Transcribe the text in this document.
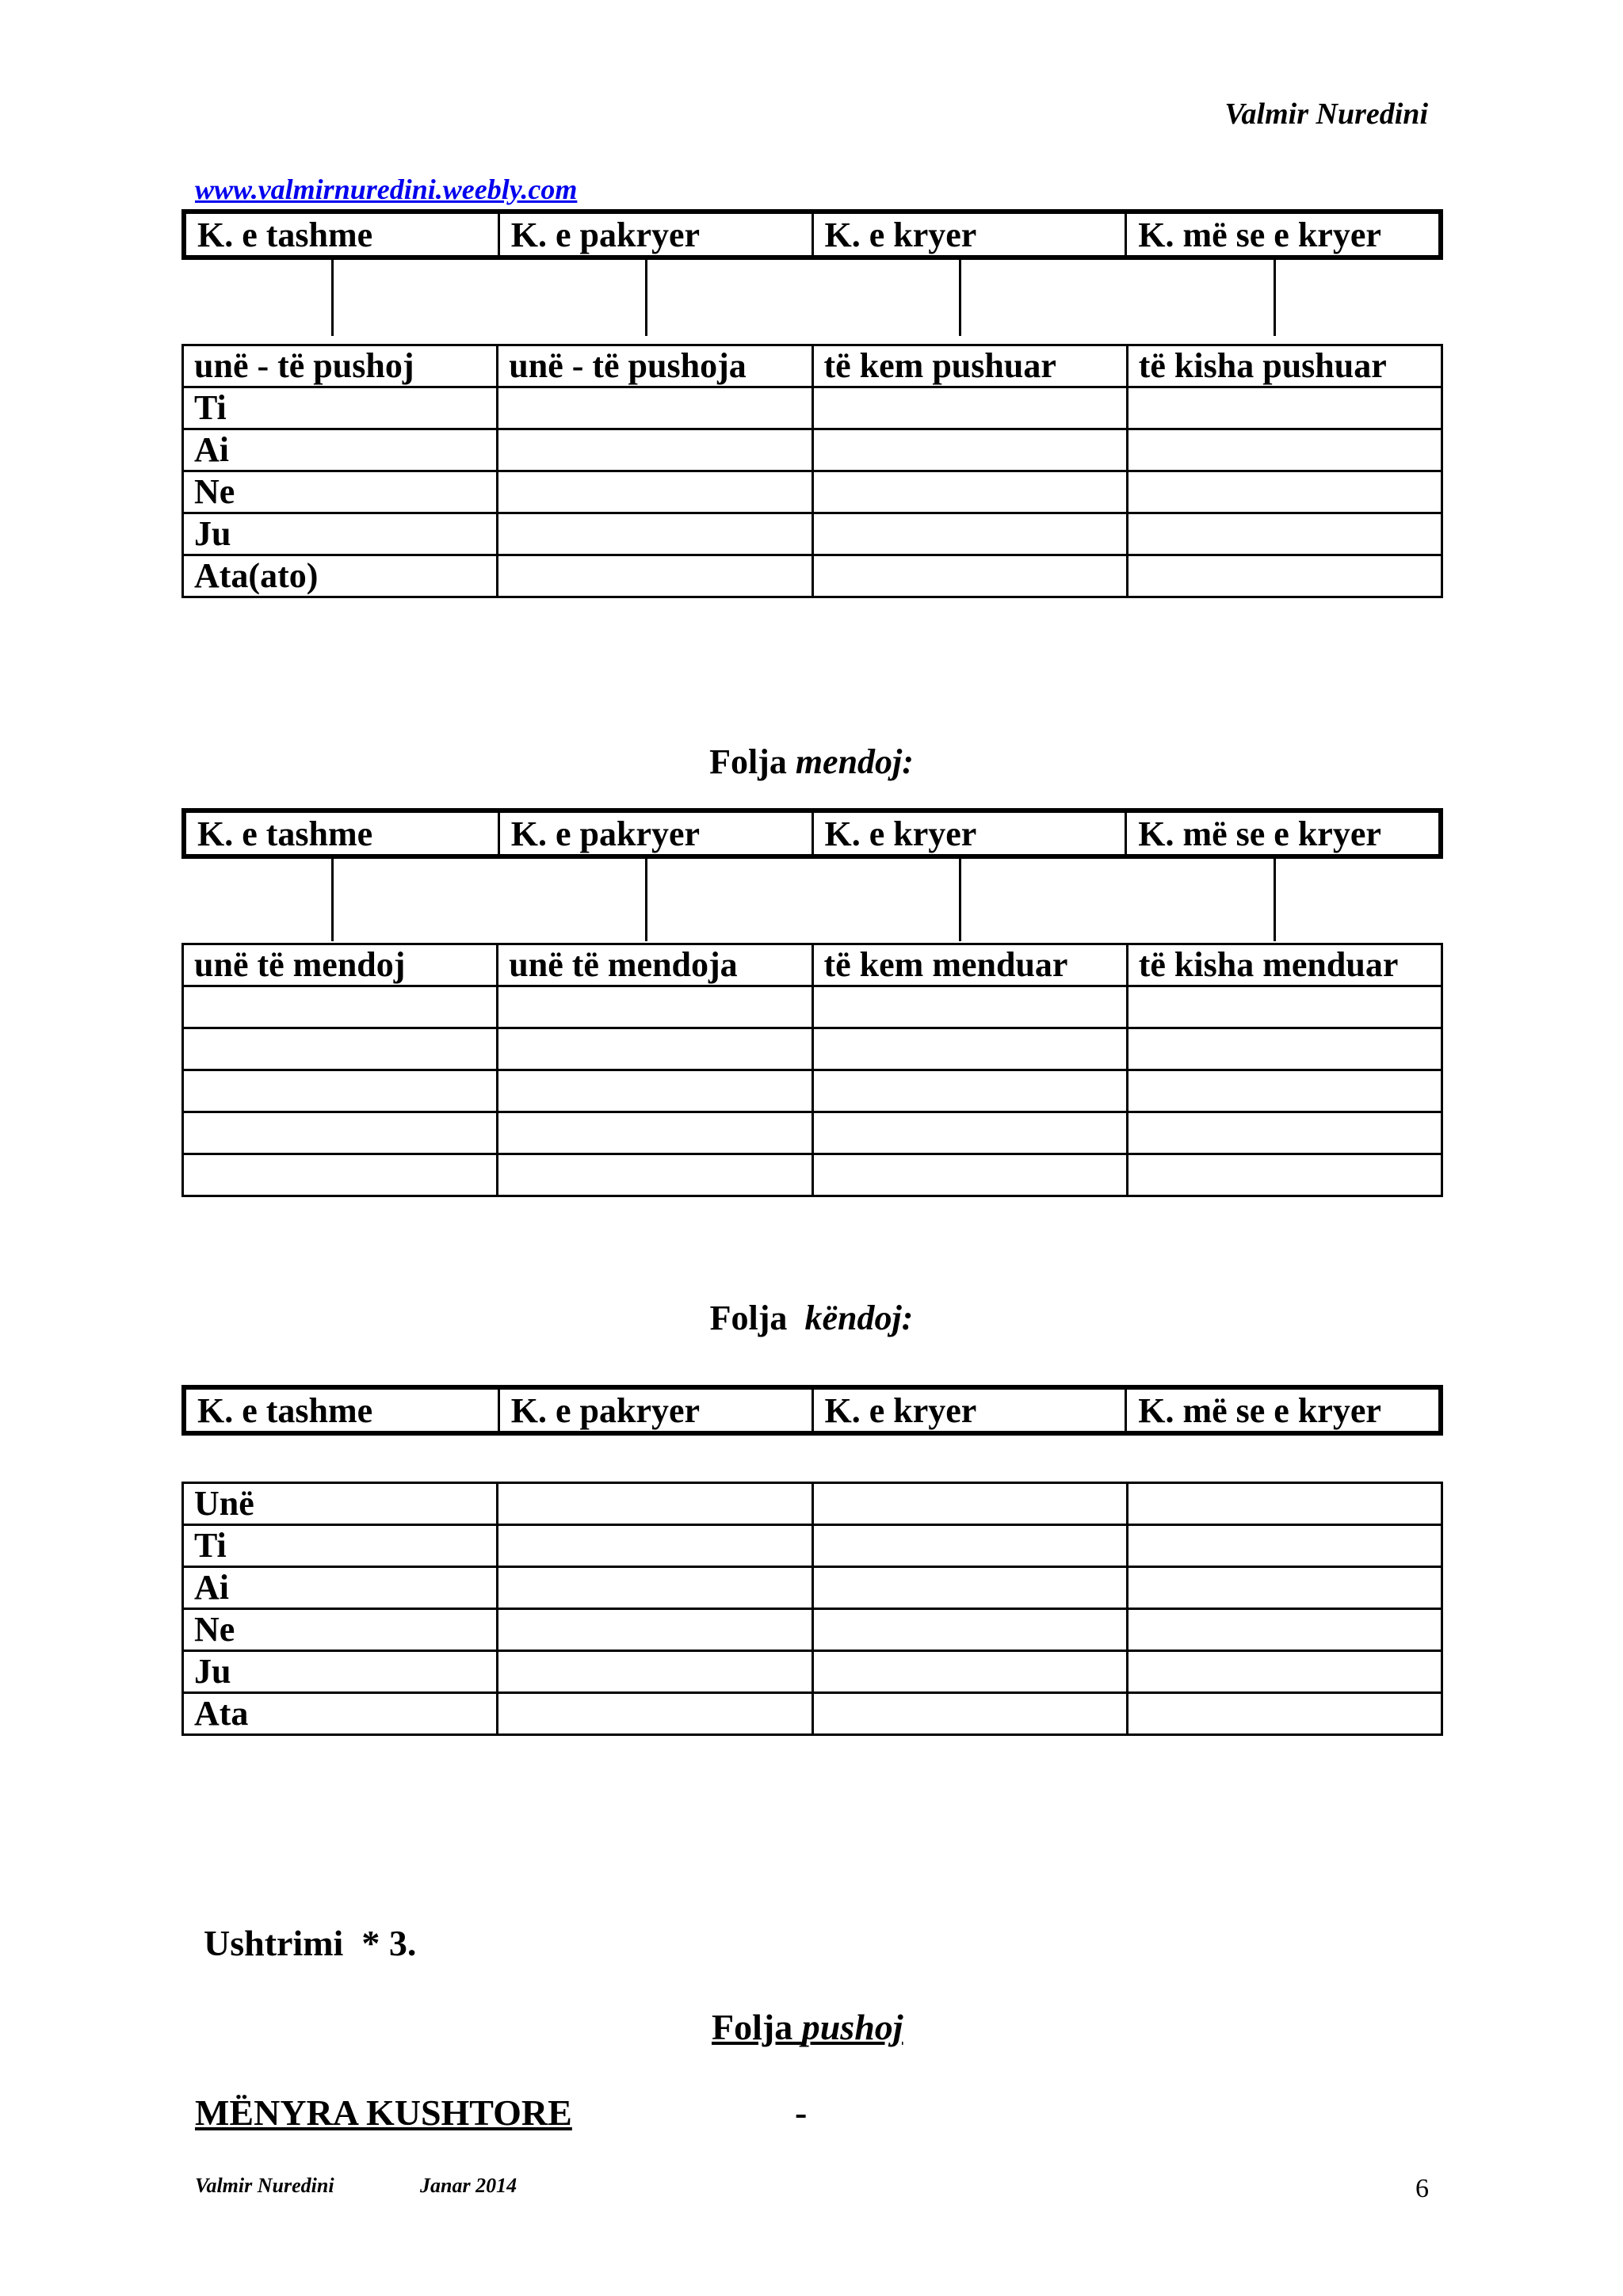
Valmir Nuredini
www.valmirnuredini.weebly.com
K. e tashme	K. e pakryer	K. e kryer	K. më se e kryer
unë - të pushoj	unë - të pushoja	të kem pushuar	të kisha pushuar
Ti			
Ai			
Ne			
Ju			
Ata(ato)			
Folja mendoj:
K. e tashme	K. e pakryer	K. e kryer	K. më se e kryer
unë të mendoj	unë të mendoja	të kem menduar	të kisha menduar

Folja  këndoj:
K. e tashme	K. e pakryer	K. e kryer	K. më se e kryer
Unë			
Ti			
Ai			
Ne			
Ju			
Ata			
Ushtrimi  * 3.
Folja pushoj
MËNYRA KUSHTORE	-
Valmir Nuredini	Janar 2014	6
